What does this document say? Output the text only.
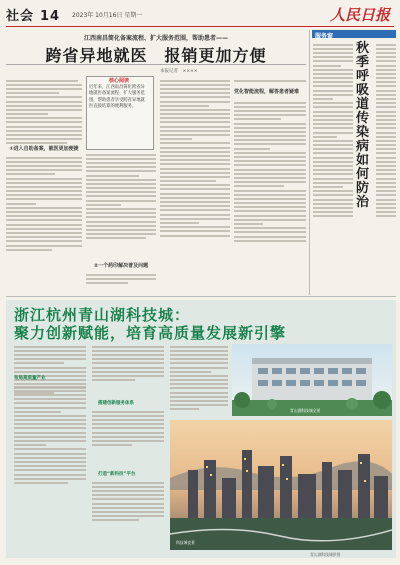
社会 14 2023年 10月16日 星期一	人民日报
江西南昌简化备案流程、扩大服务范围，帮助患者——
跨省异地就医　报销更加方便
本报记者　××××
①进入自助备案，就医更加便捷
核心阅读
近年来，江西南昌简化跨省异地就医备案流程、扩大服务范围，帮助患者享受跨省异地就医直接结算的便利服务。
②一个药印解决普及问题
党化智能流程，解答患者疑难
服务窗
秋季呼吸道传染病如何防治
浙江杭州青山湖科技城：
聚力创新赋能，培育高质量发展新引擎
布局高质量产业
搭建创新服务体系
打造“新科技”平台
青山湖科技城全景
科技城夜景
青山湖科技城供图
